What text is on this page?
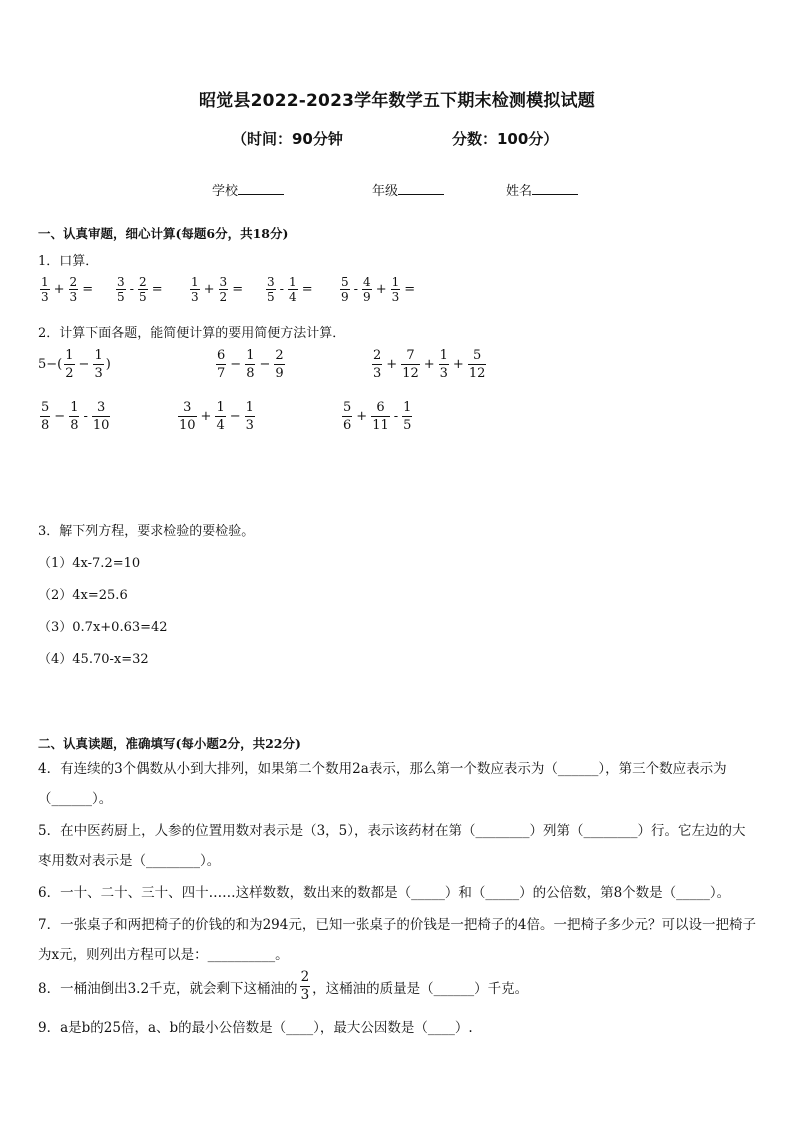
昭觉县2022-2023学年数学五下期末检测模拟试题
（时间：90分钟	分数：100分）
学校	年级	姓名
一、认真审题，细心计算(每题6分，共18分)
1．口算．
$\frac{1}{3} + \frac{2}{3} = \frac{3}{5} - \frac{2}{5} = \frac{1}{3} + \frac{3}{2} = \frac{3}{5} - \frac{1}{4} = \frac{5}{9} - \frac{4}{9} + \frac{1}{3}$ =
2．计算下面各题，能简便计算的要用简便方法计算．
$5-( \frac{1}{2} - \frac{1}{3}$ )	$\frac{6}{7} - \frac{1}{8} - \frac{2}{9}$	$\frac{2}{3} + \frac{7}{12} + \frac{1}{3} + \frac{5}{12}$
$\frac{5}{8} - \frac{1}{8} - \frac{3}{10}$	$\frac{3}{10} + \frac{1}{4} - \frac{1}{3}$	$\frac{5}{6} + \frac{6}{11} - \frac{1}{5}$
3．解下列方程，要求检验的要检验。
（1）4x-7.2=10
（2）4x=25.6
（3）0.7x+0.63=42
（4）45.70-x=32
二、认真读题，准确填写(每小题2分，共22分)
4．有连续的3个偶数从小到大排列，如果第二个数用2a表示，那么第一个数应表示为（______），第三个数应表示为（______）。
5．在中医药厨上，人参的位置用数对表示是（3，5），表示该药材在第（________）列第（________）行。它左边的大枣用数对表示是（________）。
6．一十、二十、三十、四十……这样数数，数出来的数都是（_____）和（_____）的公倍数，第8个数是（_____）。
7．一张桌子和两把椅子的价钱的和为294元，已知一张桌子的价钱是一把椅子的4倍。一把椅子多少元？可以设一把椅子为x元，则列出方程可以是：__________。
8．一桶油倒出3.2千克，就会剩下这桶油的 $\frac{2}{3}$ ，这桶油的质量是（______）千克。
9．a是b的25倍，a、b的最小公倍数是（____），最大公因数是（____）.
